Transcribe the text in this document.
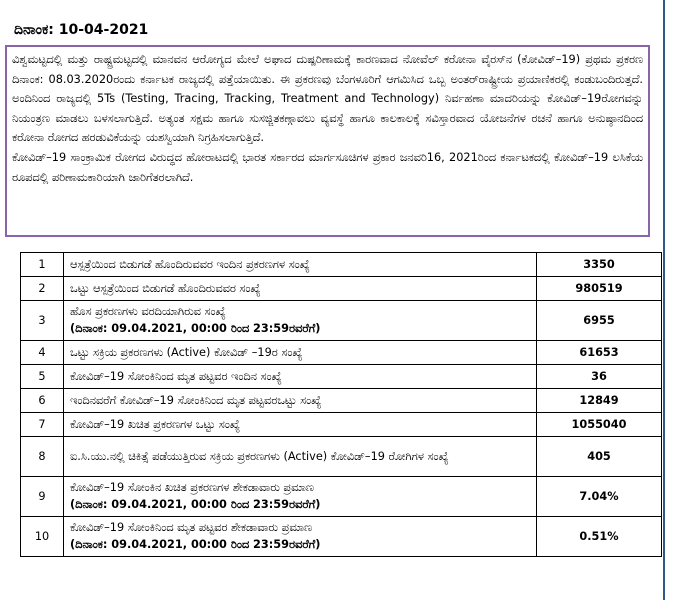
ದಿನಾಂಕ: 10-04-2021

ವಿಶ್ವಮಟ್ಟದಲ್ಲಿ ಮತ್ತು ರಾಷ್ಟ್ರಮಟ್ಟದಲ್ಲಿ ಮಾನವನ ಆರೋಗ್ಯದ ಮೇಲೆ ಅಘಾದ ದುಷ್ಪರಿಣಾಮಕ್ಕೆ ಕಾರಣವಾದ ನೋವೆಲ್ ಕರೋನಾ ವೈರಸ್‌ನ (ಕೋವಿಡ್–19) ಪ್ರಥಮ ಪ್ರಕರಣ ದಿನಾಂಕ: 08.03.2020ರಂದು ಕರ್ನಾಟಕ ರಾಜ್ಯದಲ್ಲಿ ಪತ್ತೆಯಾಯಿತು. ಈ ಪ್ರಕರಣವು ಬೆಂಗಳೂರಿಗೆ ಆಗಮಿಸಿದ ಒಬ್ಬ ಅಂತರ್‌ರಾಷ್ಟ್ರೀಯ ಪ್ರಯಾಣಿಕರಲ್ಲಿ ಕಂಡುಬಂದಿರುತ್ತದೆ. ಅಂದಿನಿಂದ ರಾಜ್ಯದಲ್ಲಿ 5Ts (Testing, Tracing, Tracking, Treatment and Technology) ನಿರ್ವಹಣಾ ಮಾದರಿಯನ್ನು ಕೋವಿಡ್–19ರೋಗವನ್ನು ನಿಯಂತ್ರಣ ಮಾಡಲು ಬಳಸಲಾಗುತ್ತಿದೆ. ಅತ್ಯಂತ ಸಕ್ಷಮ ಹಾಗೂ ಸುಸಜ್ಜಿತಕಣ್ಗಾವಲು ವ್ಯವಸ್ಥೆ ಹಾಗೂ ಕಾಲಕಾಲಕ್ಕೆ ಸವಿಸ್ತಾರವಾದ ಯೋಜನೆಗಳ ರಚನೆ ಹಾಗೂ ಅನುಷ್ಠಾನದಿಂದ ಕರೋನಾ ರೋಗದ ಹರಡುವಿಕೆಯನ್ನು ಯಶಸ್ವಿಯಾಗಿ ನಿಗ್ರಹಿಸಲಾಗುತ್ತಿದೆ.

ಕೋವಿಡ್–19 ಸಾಂಕ್ರಾಮಿಕ ರೋಗದ ವಿರುದ್ಧದ ಹೋರಾಟದಲ್ಲಿ ಭಾರತ ಸರ್ಕಾರದ ಮಾರ್ಗಸೂಚಿಗಳ ಪ್ರಕಾರ ಜನವರಿ16, 2021ರಿಂದ ಕರ್ನಾಟಕದಲ್ಲಿ ಕೋವಿಡ್–19 ಲಸಿಕೆಯ ರೂಪದಲ್ಲಿ ಪರಿಣಾಮಕಾರಿಯಾಗಿ ಜಾರಿಗೆತರಲಾಗಿದೆ.

1	ಆಸ್ಪತ್ರೆಯಿಂದ ಬಿಡುಗಡೆ ಹೊಂದಿರುವವರ ಇಂದಿನ ಪ್ರಕರಣಗಳ ಸಂಖ್ಯೆ	3350
2	ಒಟ್ಟು ಆಸ್ಪತ್ರೆಯಿಂದ ಬಿಡುಗಡೆ ಹೊಂದಿರುವವರ ಸಂಖ್ಯೆ	980519
3	ಹೊಸ ಪ್ರಕರಣಗಳು ವರದಿಯಾಗಿರುವ ಸಂಖ್ಯೆ
(ದಿನಾಂಕ: 09.04.2021, 00:00 ರಿಂದ 23:59ರವರೆಗೆ)	6955
4	ಒಟ್ಟು ಸಕ್ರಿಯ ಪ್ರಕರಣಗಳು (Active) ಕೋವಿಡ್ –19ರ ಸಂಖ್ಯೆ	61653
5	ಕೋವಿಡ್–19 ಸೋಂಕಿನಿಂದ ಮೃತ ಪಟ್ಟವರ ಇಂದಿನ ಸಂಖ್ಯೆ	36
6	ಇಂದಿನವರೆಗೆ ಕೋವಿಡ್–19 ಸೋಂಕಿನಿಂದ ಮೃತ ಪಟ್ಟವರಒಟ್ಟು ಸಂಖ್ಯೆ	12849
7	ಕೋವಿಡ್–19 ಖಚಿತ ಪ್ರಕರಣಗಳ ಒಟ್ಟು ಸಂಖ್ಯೆ	1055040
8	ಐ.ಸಿ.ಯು.ನಲ್ಲಿ ಚಿಕಿತ್ಸೆ ಪಡೆಯುತ್ತಿರುವ ಸಕ್ರಿಯ ಪ್ರಕರಣಗಳು (Active) ಕೋವಿಡ್–19 ರೋಗಿಗಳ ಸಂಖ್ಯೆ	405
9	ಕೋವಿಡ್–19 ಸೋಂಕಿನ ಖಚಿತ ಪ್ರಕರಣಗಳ ಶೇಕಡಾವಾರು ಪ್ರಮಾಣ
(ದಿನಾಂಕ: 09.04.2021, 00:00 ರಿಂದ 23:59ರವರೆಗೆ)	7.04%
10	ಕೋವಿಡ್–19 ಸೋಂಕಿನಿಂದ ಮೃತ ಪಟ್ಟವರ ಶೇಕಡಾವಾರು ಪ್ರಮಾಣ
(ದಿನಾಂಕ: 09.04.2021, 00:00 ರಿಂದ 23:59ರವರೆಗೆ)	0.51%
